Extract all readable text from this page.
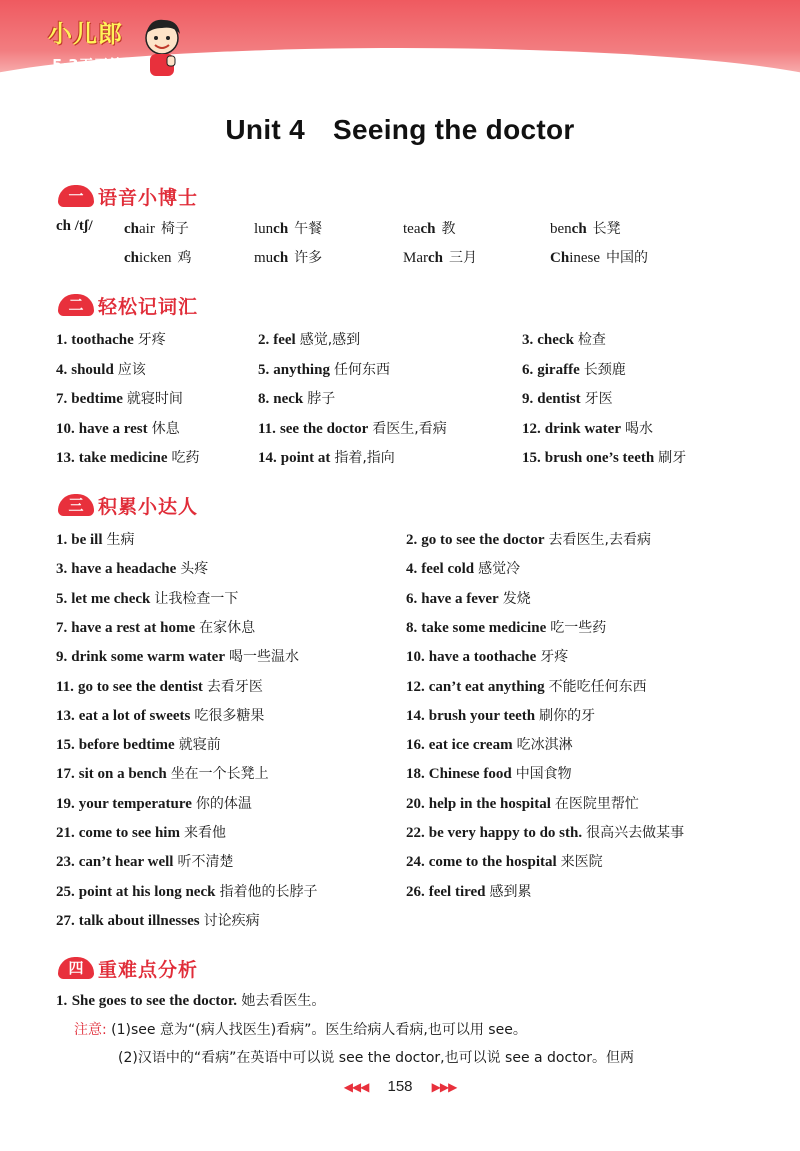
小儿郎
5·3天天练
Unit 4 Seeing the doctor
一 语音小博士
ch /tʃ/ chair 椅子	lunch 午餐	teach 教	bench 长凳
chicken 鸡	much 许多	March 三月	Chinese 中国的
二 轻松记词汇
1. toothache 牙疼	2. feel 感觉,感到	3. check 检查
4. should 应该	5. anything 任何东西	6. giraffe 长颈鹿
7. bedtime 就寝时间	8. neck 脖子	9. dentist 牙医
10. have a rest 休息	11. see the doctor 看医生,看病	12. drink water 喝水
13. take medicine 吃药	14. point at 指着,指向	15. brush one’s teeth 刷牙
三 积累小达人
1. be ill 生病	2. go to see the doctor 去看医生,去看病
3. have a headache 头疼	4. feel cold 感觉冷
5. let me check 让我检查一下	6. have a fever 发烧
7. have a rest at home 在家休息	8. take some medicine 吃一些药
9. drink some warm water 喝一些温水	10. have a toothache 牙疼
11. go to see the dentist 去看牙医	12. can’t eat anything 不能吃任何东西
13. eat a lot of sweets 吃很多糖果	14. brush your teeth 刷你的牙
15. before bedtime 就寝前	16. eat ice cream 吃冰淇淋
17. sit on a bench 坐在一个长凳上	18. Chinese food 中国食物
19. your temperature 你的体温	20. help in the hospital 在医院里帮忙
21. come to see him 来看他	22. be very happy to do sth. 很高兴去做某事
23. can’t hear well 听不清楚	24. come to the hospital 来医院
25. point at his long neck 指着他的长脖子	26. feel tired 感到累
27. talk about illnesses 讨论疾病
四 重难点分析
1. She goes to see the doctor. 她去看医生。
注意: (1)see 意为“(病人找医生)看病”。医生给病人看病,也可以用 see。
(2)汉语中的“看病”在英语中可以说 see the doctor,也可以说 see a doctor。但两
◀◀◀ 158 ▶▶▶
